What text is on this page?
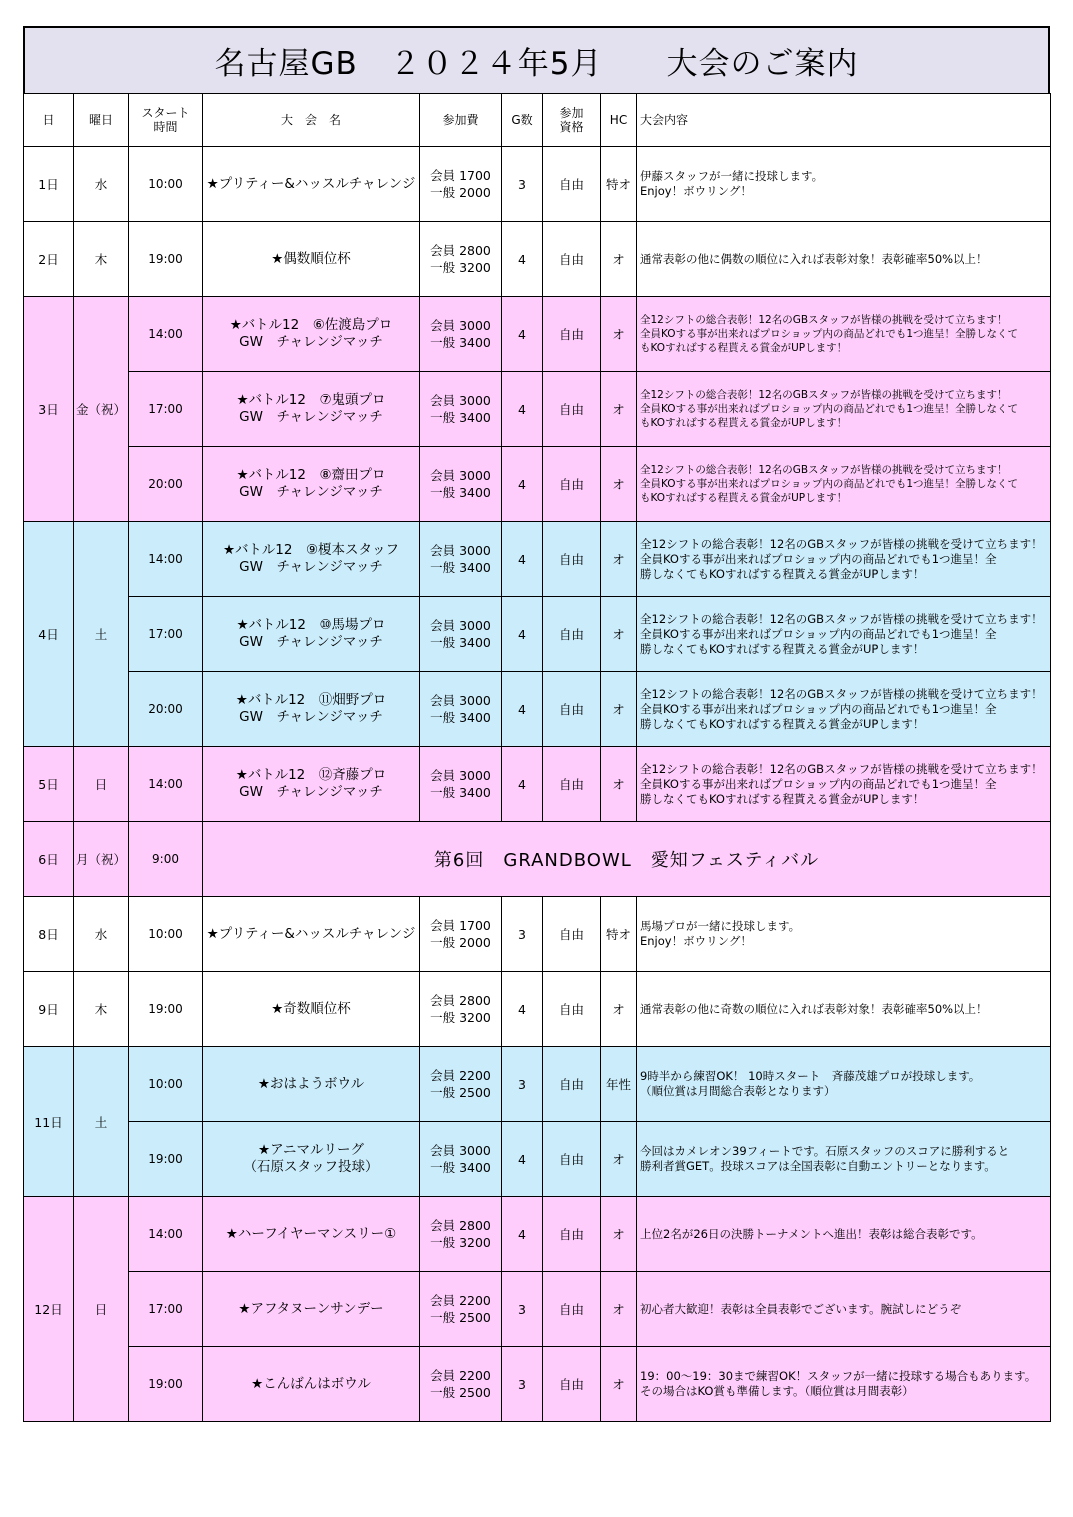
名古屋GB　２０２４年5月　　大会のご案内
日	曜日	スタート
時間	大　会　名	参加費	G数	参加
資格	HC	大会内容
1日	水	10:00	★プリティー&ハッスルチャレンジ	会員 1700
一般 2000	3	自由	特オ	伊藤スタッフが一緒に投球します。
Enjoy！ボウリング！
2日	木	19:00	★偶数順位杯	会員 2800
一般 3200	4	自由	オ	通常表彰の他に偶数の順位に入れば表彰対象！表彰確率50%以上！
3日	金（祝）	14:00	★バトル12　⑥佐渡島プロ
GW　チャレンジマッチ	会員 3000
一般 3400	4	自由	オ	全12シフトの総合表彰！12名のGBスタッフが皆様の挑戦を受けて立ちます！
全員KOする事が出来ればプロショップ内の商品どれでも1つ進呈！全勝しなくて
もKOすればする程貰える賞金がUPします！
		17:00	★バトル12　⑦鬼頭プロ
GW　チャレンジマッチ	会員 3000
一般 3400	4	自由	オ	全12シフトの総合表彰！12名のGBスタッフが皆様の挑戦を受けて立ちます！
全員KOする事が出来ればプロショップ内の商品どれでも1つ進呈！全勝しなくて
もKOすればする程貰える賞金がUPします！
		20:00	★バトル12　⑧齋田プロ
GW　チャレンジマッチ	会員 3000
一般 3400	4	自由	オ	全12シフトの総合表彰！12名のGBスタッフが皆様の挑戦を受けて立ちます！
全員KOする事が出来ればプロショップ内の商品どれでも1つ進呈！全勝しなくて
もKOすればする程貰える賞金がUPします！
4日	土	14:00	★バトル12　⑨榎本スタッフ
GW　チャレンジマッチ	会員 3000
一般 3400	4	自由	オ	全12シフトの総合表彰！12名のGBスタッフが皆様の挑戦を受けて立ちます！
全員KOする事が出来ればプロショップ内の商品どれでも1つ進呈！全
勝しなくてもKOすればする程貰える賞金がUPします！
		17:00	★バトル12　⑩馬場プロ
GW　チャレンジマッチ	会員 3000
一般 3400	4	自由	オ	全12シフトの総合表彰！12名のGBスタッフが皆様の挑戦を受けて立ちます！
全員KOする事が出来ればプロショップ内の商品どれでも1つ進呈！全
勝しなくてもKOすればする程貰える賞金がUPします！
		20:00	★バトル12　⑪畑野プロ
GW　チャレンジマッチ	会員 3000
一般 3400	4	自由	オ	全12シフトの総合表彰！12名のGBスタッフが皆様の挑戦を受けて立ちます！
全員KOする事が出来ればプロショップ内の商品どれでも1つ進呈！全
勝しなくてもKOすればする程貰える賞金がUPします！
5日	日	14:00	★バトル12　⑫斉藤プロ
GW　チャレンジマッチ	会員 3000
一般 3400	4	自由	オ	全12シフトの総合表彰！12名のGBスタッフが皆様の挑戦を受けて立ちます！
全員KOする事が出来ればプロショップ内の商品どれでも1つ進呈！全
勝しなくてもKOすればする程貰える賞金がUPします！
6日	月（祝）	9:00	第6回　GRANDBOWL　愛知フェスティバル					
8日	水	10:00	★プリティー&ハッスルチャレンジ	会員 1700
一般 2000	3	自由	特オ	馬場プロが一緒に投球します。
Enjoy！ボウリング！
9日	木	19:00	★奇数順位杯	会員 2800
一般 3200	4	自由	オ	通常表彰の他に奇数の順位に入れば表彰対象！表彰確率50%以上！
11日	土	10:00	★おはようボウル	会員 2200
一般 2500	3	自由	年性	9時半から練習OK！ 10時スタート　斉藤茂雄プロが投球します。
（順位賞は月間総合表彰となります）
		19:00	★アニマルリーグ
（石原スタッフ投球）	会員 3000
一般 3400	4	自由	オ	今回はカメレオン39フィートです。石原スタッフのスコアに勝利すると
勝利者賞GET。投球スコアは全国表彰に自動エントリーとなります。
12日	日	14:00	★ハーフイヤーマンスリー①	会員 2800
一般 3200	4	自由	オ	上位2名が26日の決勝トーナメントへ進出！表彰は総合表彰です。
		17:00	★アフタヌーンサンデー	会員 2200
一般 2500	3	自由	オ	初心者大歓迎！表彰は全員表彰でございます。腕試しにどうぞ
		19:00	★こんばんはボウル	会員 2200
一般 2500	3	自由	オ	19：00～19：30まで練習OK！スタッフが一緒に投球する場合もあります。
その場合はKO賞も準備します。（順位賞は月間表彰）
